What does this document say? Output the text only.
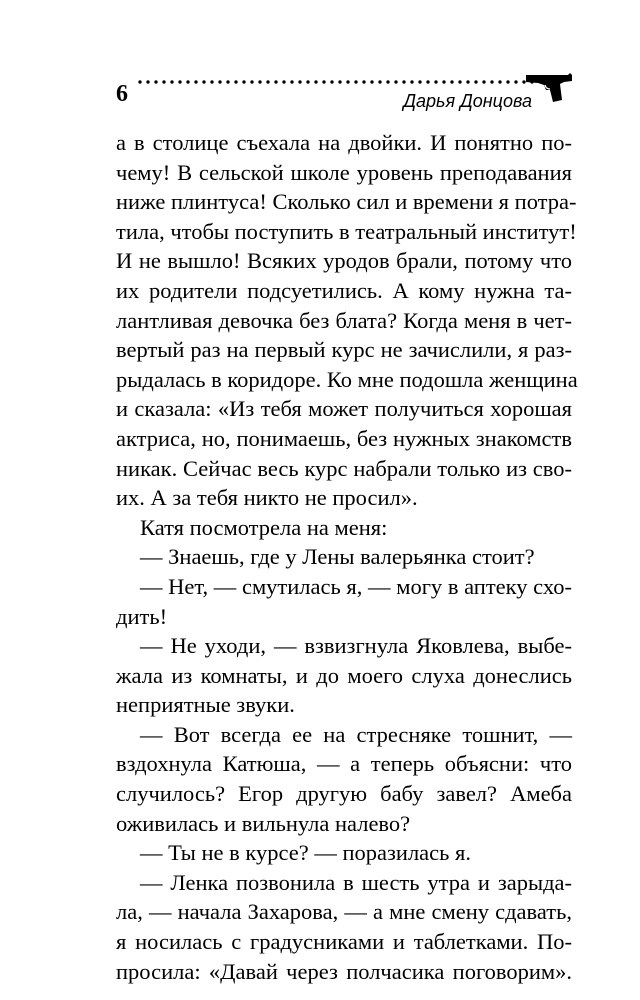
6	Дарья Донцова
а в столице съехала на двойки. И понятно по-
чему! В сельской школе уровень преподавания
ниже плинтуса! Сколько сил и времени я потра-
тила, чтобы поступить в театральный институт!
И не вышло! Всяких уродов брали, потому что
их родители подсуетились. А кому нужна та-
лантливая девочка без блата? Когда меня в чет-
вертый раз на первый курс не зачислили, я раз-
рыдалась в коридоре. Ко мне подошла женщина
и сказала: «Из тебя может получиться хорошая
актриса, но, понимаешь, без нужных знакомств
никак. Сейчас весь курс набрали только из сво-
их. А за тебя никто не просил».
Катя посмотрела на меня:
— Знаешь, где у Лены валерьянка стоит?
— Нет, — смутилась я, — могу в аптеку схо-
дить!
— Не уходи, — взвизгнула Яковлева, выбе-
жала из комнаты, и до моего слуха донеслись
неприятные звуки.
— Вот всегда ее на стресняке тошнит, —
вздохнула Катюша, — а теперь объясни: что
случилось? Егор другую бабу завел? Амеба
оживилась и вильнула налево?
— Ты не в курсе? — поразилась я.
— Ленка позвонила в шесть утра и зарыда-
ла, — начала Захарова, — а мне смену сдавать,
я носилась с градусниками и таблетками. По-
просила: «Давай через полчасика поговорим».
